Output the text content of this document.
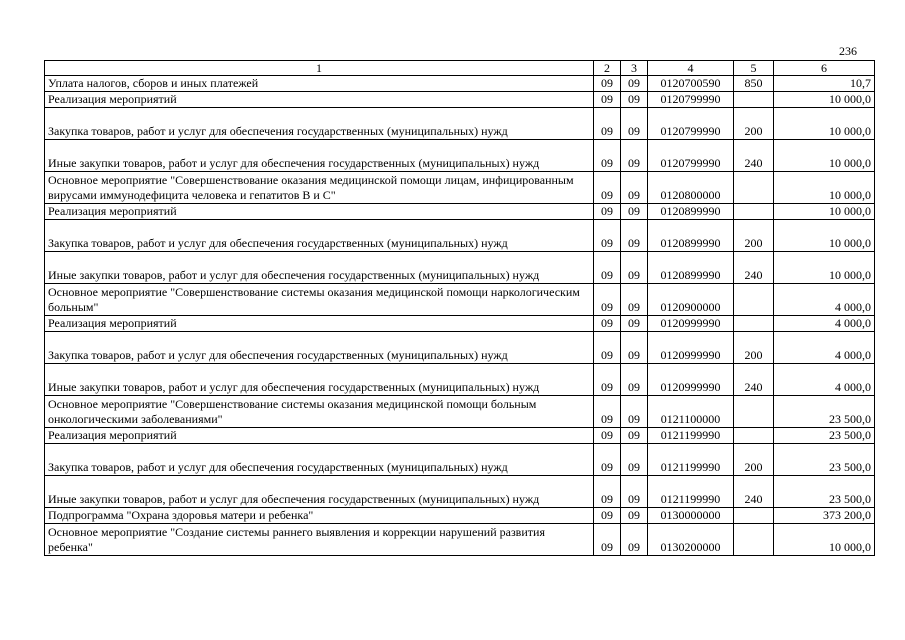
236
1	2	3	4	5	6
Уплата налогов, сборов и иных платежей	09	09	0120700590	850	10,7
Реализация мероприятий	09	09	0120799990		10 000,0
Закупка товаров, работ и услуг для обеспечения государственных (муниципальных) нужд	09	09	0120799990	200	10 000,0
Иные закупки товаров, работ и услуг для обеспечения государственных (муниципальных) нужд	09	09	0120799990	240	10 000,0
Основное мероприятие "Совершенствование оказания медицинской помощи лицам, инфицированным вирусами иммунодефицита человека и гепатитов В и С"	09	09	0120800000		10 000,0
Реализация мероприятий	09	09	0120899990		10 000,0
Закупка товаров, работ и услуг для обеспечения государственных (муниципальных) нужд	09	09	0120899990	200	10 000,0
Иные закупки товаров, работ и услуг для обеспечения государственных (муниципальных) нужд	09	09	0120899990	240	10 000,0
Основное мероприятие "Совершенствование системы оказания медицинской помощи наркологическим больным"	09	09	0120900000		4 000,0
Реализация мероприятий	09	09	0120999990		4 000,0
Закупка товаров, работ и услуг для обеспечения государственных (муниципальных) нужд	09	09	0120999990	200	4 000,0
Иные закупки товаров, работ и услуг для обеспечения государственных (муниципальных) нужд	09	09	0120999990	240	4 000,0
Основное мероприятие "Совершенствование системы оказания медицинской помощи больным онкологическими заболеваниями"	09	09	0121100000		23 500,0
Реализация мероприятий	09	09	0121199990		23 500,0
Закупка товаров, работ и услуг для обеспечения государственных (муниципальных) нужд	09	09	0121199990	200	23 500,0
Иные закупки товаров, работ и услуг для обеспечения государственных (муниципальных) нужд	09	09	0121199990	240	23 500,0
Подпрограмма "Охрана здоровья матери и ребенка"	09	09	0130000000		373 200,0
Основное мероприятие "Создание системы раннего выявления и коррекции нарушений развития ребенка"	09	09	0130200000		10 000,0
